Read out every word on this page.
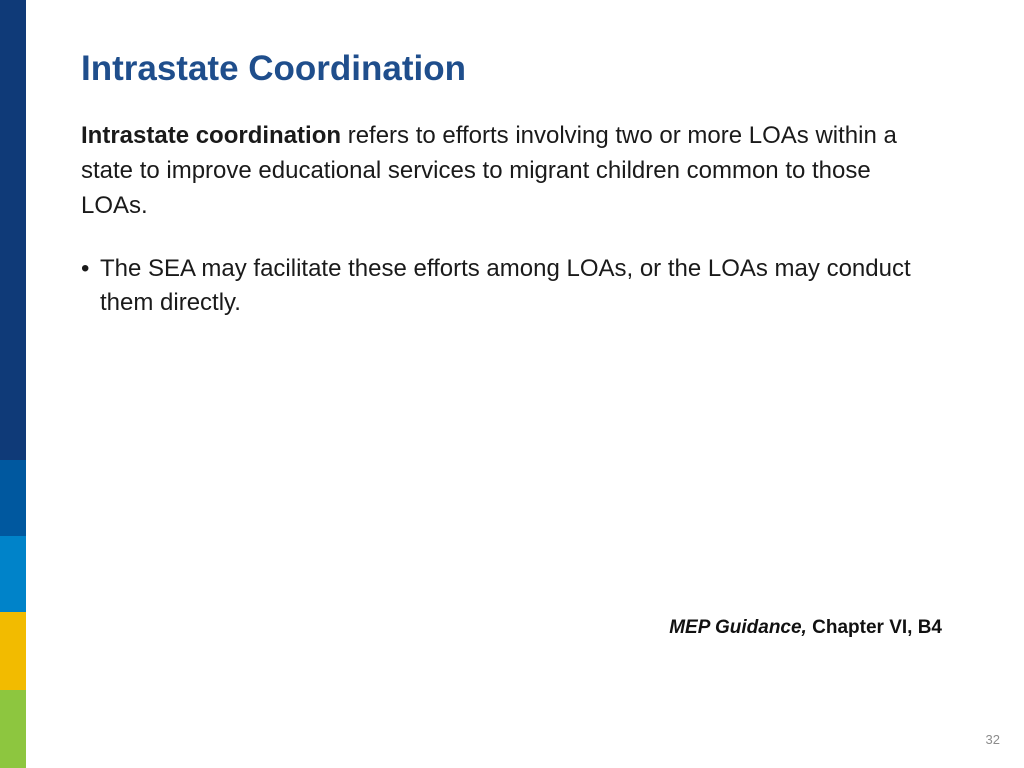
Intrastate Coordination

Intrastate coordination refers to efforts involving two or more LOAs within a state to improve educational services to migrant children common to those LOAs.

• The SEA may facilitate these efforts among LOAs, or the LOAs may conduct them directly.

MEP Guidance, Chapter VI, B4

32
